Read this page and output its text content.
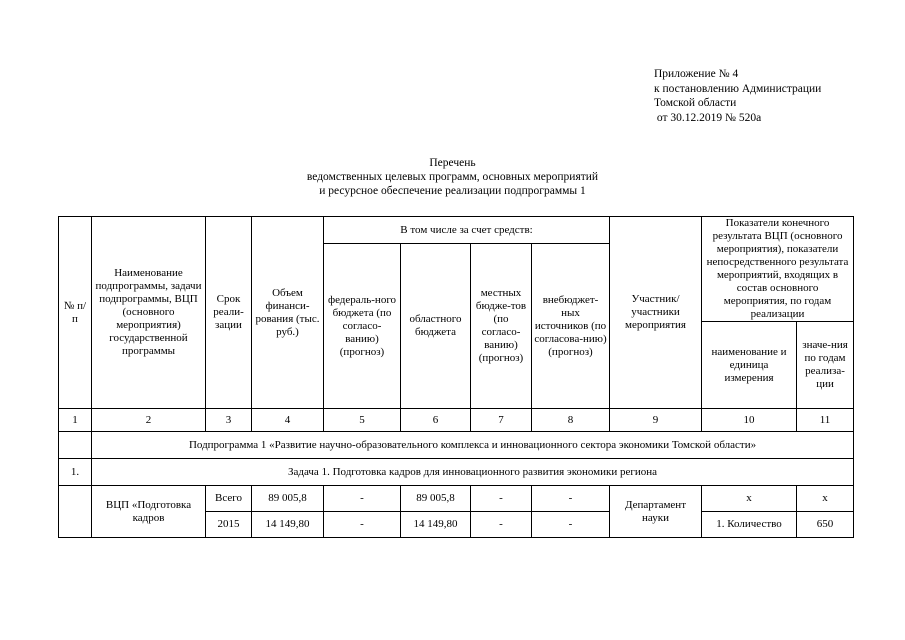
Приложение № 4
к постановлению Администрации
Томской области
от 30.12.2019 № 520а
Перечень
ведомственных целевых программ, основных мероприятий
и ресурсное обеспечение реализации подпрограммы 1
№ п/п	Наименование подпрограммы, задачи подпрограммы, ВЦП (основного мероприятия) государственной программы	Срок реали-зации	Объем финанси-рования (тыс. руб.)	В том числе за счет средств:				Участник/ участники мероприятия	Показатели конечного результата ВЦП (основного мероприятия), показатели непосредственного результата мероприятий, входящих в состав основного мероприятия, по годам реализации	
				федераль-ного бюджета (по согласо-ванию) (прогноз)	областного бюджета	местных бюдже-тов (по согласо-ванию) (прогноз)	внебюджет-ных источников (по согласова-нию) (прогноз)			
									наименование и единица измерения	значе-ния по годам реализа-ции
1	2	3	4	5	6	7	8	9	10	11
	Подпрограмма 1 «Развитие научно-образовательного комплекса и инновационного сектора экономики Томской области»									
1.	Задача 1. Подготовка кадров для инновационного развития экономики региона									
	ВЦП «Подготовка кадров	Всего	89 005,8	-	89 005,8	-	-	Департамент науки	х	х
		2015	14 149,80	-	14 149,80	-	-		1. Количество	650
